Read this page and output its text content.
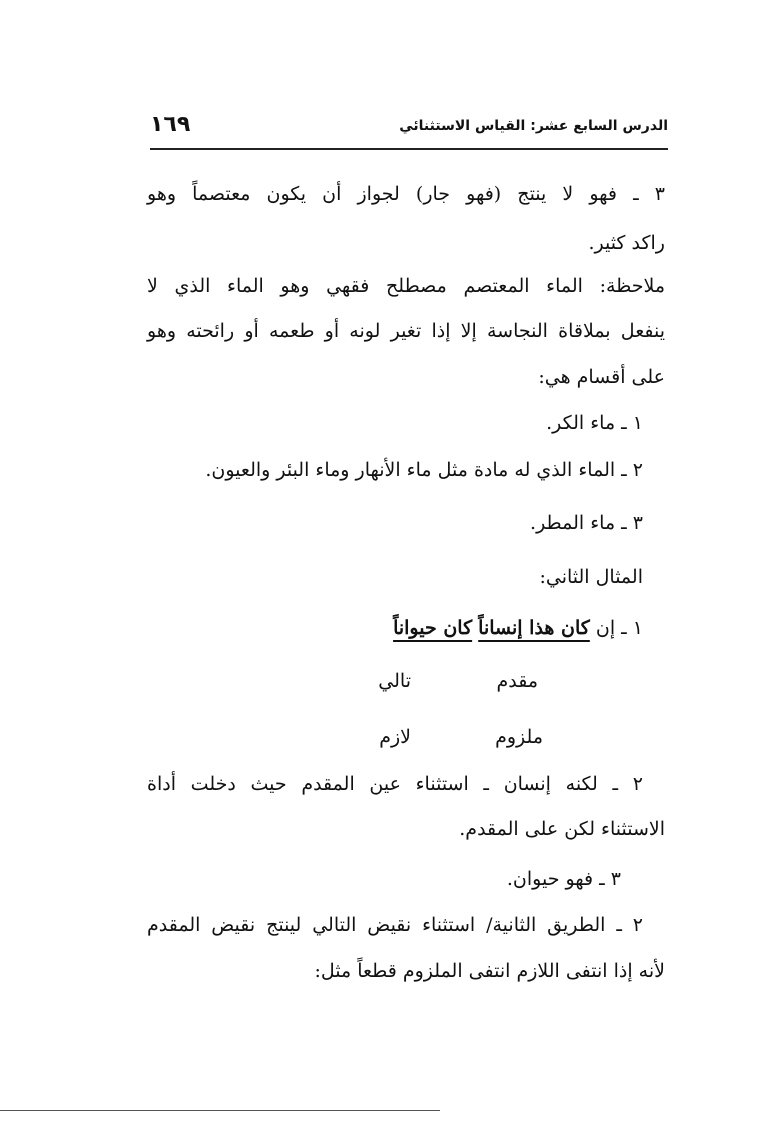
الدرس السابع عشر: القياس الاستثنائي
١٦٩
٣ ـ فهو لا ينتج (فهو جار) لجواز أن يكون معتصماً وهو
راكد كثير.
ملاحظة: الماء المعتصم مصطلح فقهي وهو الماء الذي لا
ينفعل بملاقاة النجاسة إلا إذا تغير لونه أو طعمه أو رائحته وهو
على أقسام هي:
١ ـ ماء الكر.
٢ ـ الماء الذي له مادة مثل ماء الأنهار وماء البئر والعيون.
٣ ـ ماء المطر.
المثال الثاني:
١ ـ إن كان هذا إنساناً كان حيواناً
مقدم
تالي
ملزوم
لازم
٢ ـ لكنه إنسان ـ استثناء عين المقدم حيث دخلت أداة
الاستثناء لكن على المقدم.
٣ ـ فهو حيوان.
٢ ـ الطريق الثانية/ استثناء نقيض التالي لينتج نقيض المقدم
لأنه إذا انتفى اللازم انتفى الملزوم قطعاً مثل:
